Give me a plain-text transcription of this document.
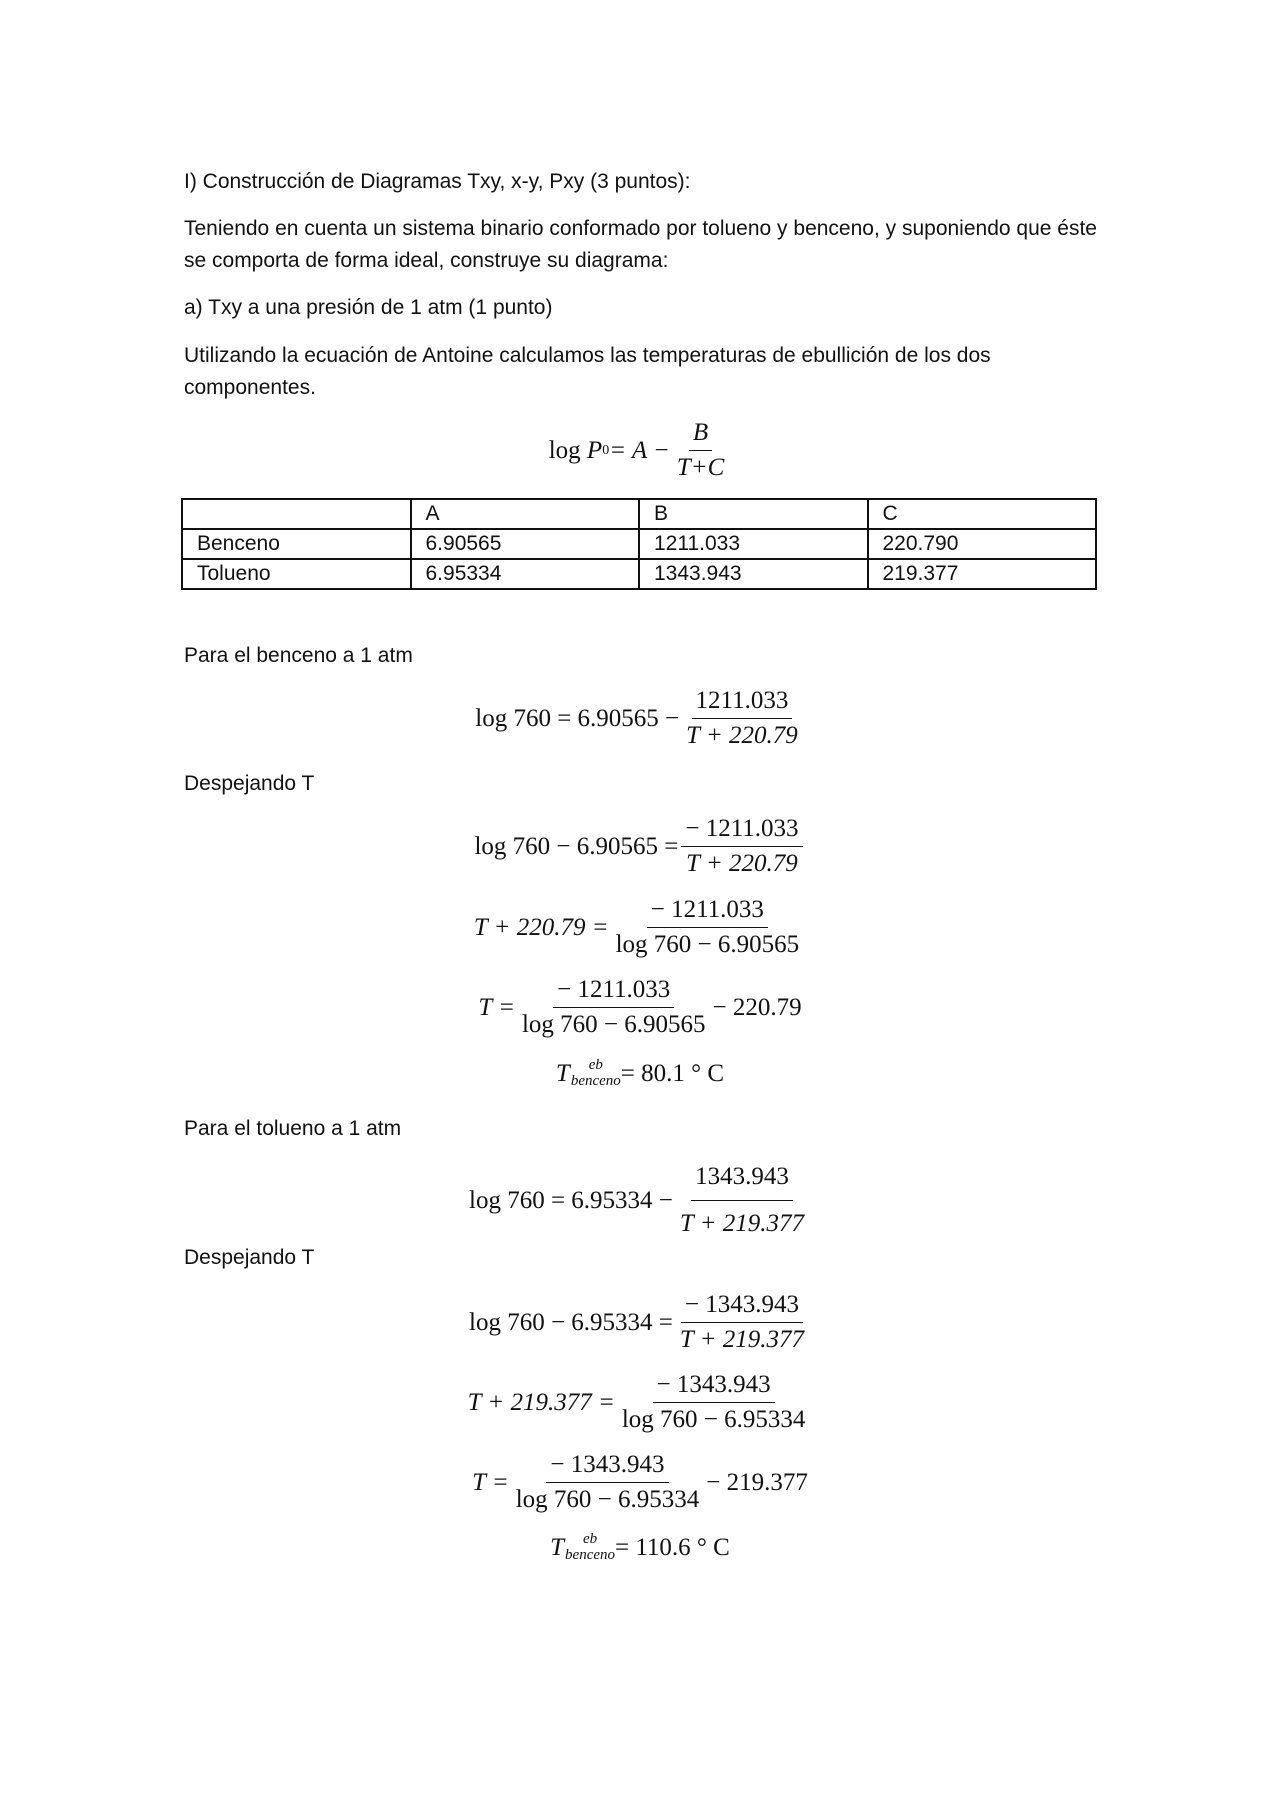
I) Construcción de Diagramas Txy, x-y, Pxy (3 puntos):

Teniendo en cuenta un sistema binario conformado por tolueno y benceno, y suponiendo que éste se comporta de forma ideal, construye su diagrama:

a) Txy a una presión de 1 atm (1 punto)

Utilizando la ecuación de Antoine calculamos las temperaturas de ebullición de los dos componentes.

log
P $0 = A - \frac{B}{T+C}$
	A	B	C
Benceno	6.90565	1211.033	220.790
Tolueno	6.95334	1343.943	219.377

Para el benceno a 1 atm

$\log 760 = 6.90565 - \frac{1211.033}{T + 220.79}$

Despejando T

$\log 760 - 6.90565 = \frac{- 1211.033}{T + 220.79}$
$T + 220.79 = \frac{- 1211.033}{\log 760 - 6.90565}$
$T = \frac{- 1211.033}{\log 760 - 6.90565} - 220.79$
T	eb
benceno = 80.1 ° C

Para el tolueno a 1 atm

$\log 760 = 6.95334 - \frac{1343.943}{T + 219.377}$

Despejando T

$\log 760 - 6.95334 = \frac{- 1343.943}{T + 219.377}$
$T + 219.377 = \frac{- 1343.943}{\log 760 - 6.95334}$
$T = \frac{- 1343.943}{\log 760 - 6.95334} - 219.377$
T	eb
benceno = 110.6 ° C
